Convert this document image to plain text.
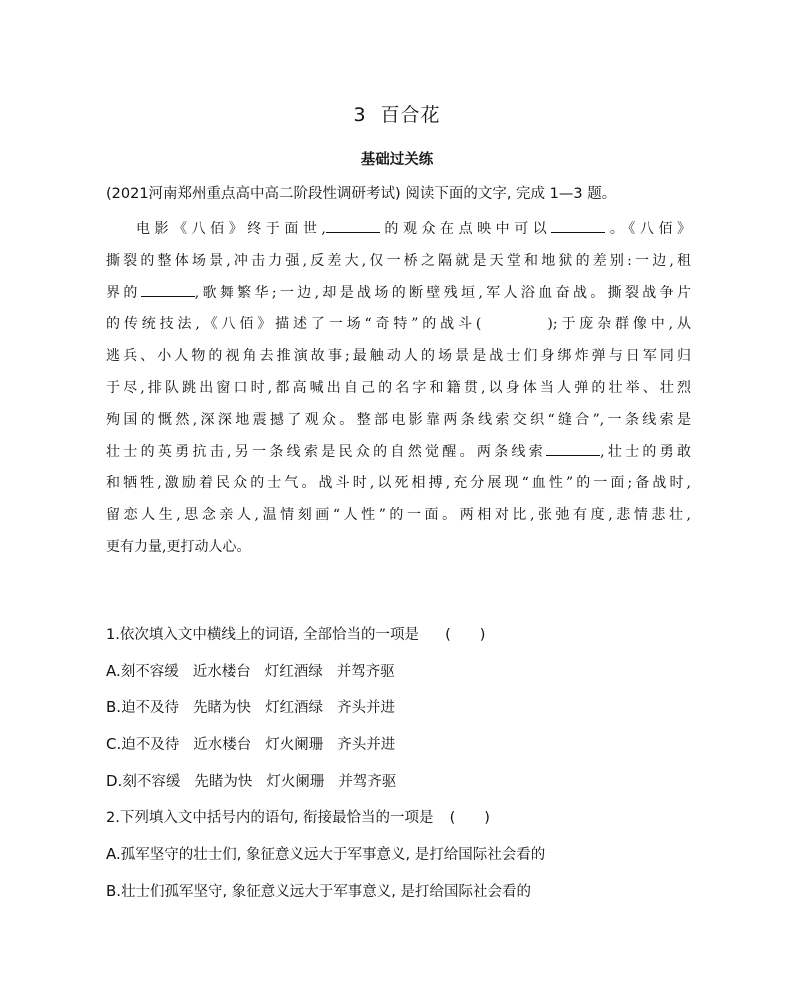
3 百合花
基础过关练
(2021河南郑州重点高中高二阶段性调研考试) 阅读下面的文字, 完成 1—3 题。
电影《八佰》终于面世,	的观众在点映中可以	。《八佰》
撕裂的整体场景,冲击力强,反差大,仅一桥之隔就是天堂和地狱的差别:一边,租
界的	,歌舞繁华;一边,却是战场的断壁残垣,军人浴血奋战。撕裂战争片
的传统技法,《八佰》描述了一场“奇特”的战斗(	);于庞杂群像中,从
逃兵、小人物的视角去推演故事;最触动人的场景是战士们身绑炸弹与日军同归
于尽,排队跳出窗口时,都高喊出自己的名字和籍贯,以身体当人弹的壮举、壮烈
殉国的慨然,深深地震撼了观众。整部电影靠两条线索交织“缝合”,一条线索是
壮士的英勇抗击,另一条线索是民众的自然觉醒。两条线索	,壮士的勇敢
和牺牲,激励着民众的士气。战斗时,以死相搏,充分展现“血性”的一面;备战时,
留恋人生,思念亲人,温情刻画“人性”的一面。两相对比,张弛有度,悲情悲壮,
更有力量,更打动人心。
1.依次填入文中横线上的词语, 全部恰当的一项是 (　　)
A.刻不容缓 近水楼台 灯红酒绿 并驾齐驱
B.迫不及待 先睹为快 灯红酒绿 齐头并进
C.迫不及待 近水楼台 灯火阑珊 齐头并进
D.刻不容缓 先睹为快 灯火阑珊 并驾齐驱
2.下列填入文中括号内的语句, 衔接最恰当的一项是 (　　)
A.孤军坚守的壮士们, 象征意义远大于军事意义, 是打给国际社会看的
B.壮士们孤军坚守, 象征意义远大于军事意义, 是打给国际社会看的
